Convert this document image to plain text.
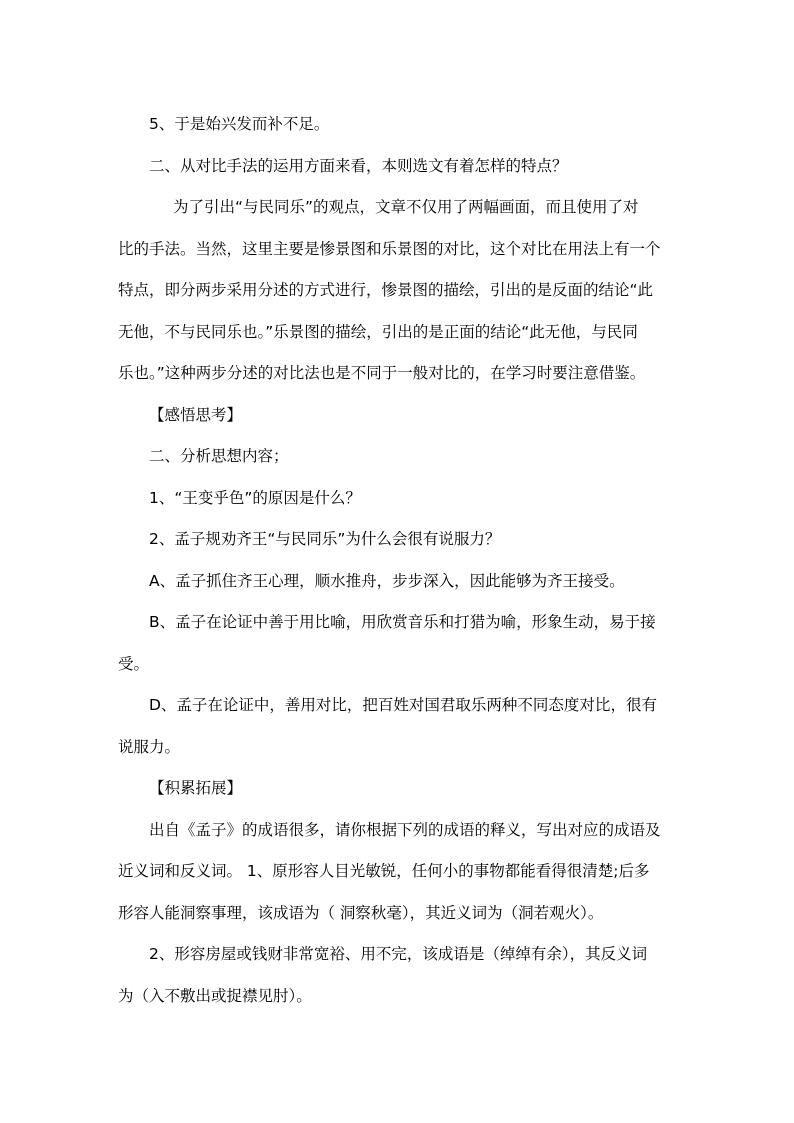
5、于是始兴发而补不足。

二、从对比手法的运用方面来看，本则选文有着怎样的特点？

为了引出“与民同乐”的观点，文章不仅用了两幅画面，而且使用了对

比的手法。当然，这里主要是惨景图和乐景图的对比，这个对比在用法上有一个

特点，即分两步采用分述的方式进行，惨景图的描绘，引出的是反面的结论“此

无他，不与民同乐也。”乐景图的描绘，引出的是正面的结论“此无他，与民同

乐也。”这种两步分述的对比法也是不同于一般对比的，在学习时要注意借鉴。

【感悟思考】

二、分析思想内容；

1、“王变乎色”的原因是什么？

2、孟子规劝齐王“与民同乐”为什么会很有说服力？

A、孟子抓住齐王心理，顺水推舟，步步深入，因此能够为齐王接受。

B、孟子在论证中善于用比喻，用欣赏音乐和打猎为喻，形象生动，易于接

受。

D、孟子在论证中，善用对比，把百姓对国君取乐两种不同态度对比，很有

说服力。

【积累拓展】

出自《孟子》的成语很多，请你根据下列的成语的释义，写出对应的成语及

近义词和反义词。 1、原形容人目光敏锐，任何小的事物都能看得很清楚;后多

形容人能洞察事理，该成语为（ 洞察秋毫），其近义词为（洞若观火）。

2、形容房屋或钱财非常宽裕、用不完，该成语是（绰绰有余），其反义词

为（入不敷出或捉襟见肘）。
